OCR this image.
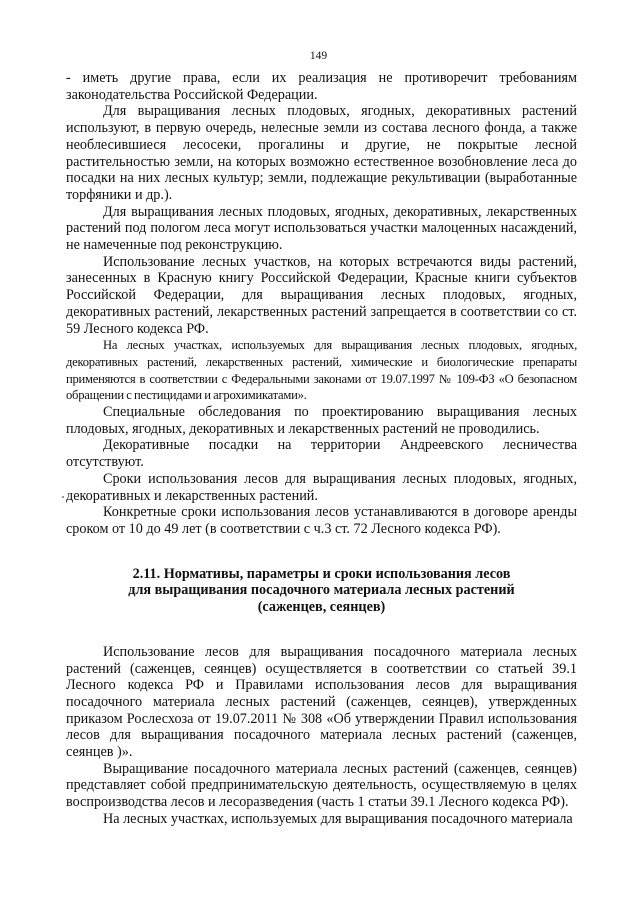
149

- иметь другие права, если их реализация не противоречит требованиям законодательства Российской Федерации.

Для выращивания лесных плодовых, ягодных, декоративных растений используют, в первую очередь, нелесные земли из состава лесного фонда, а также необлесившиеся лесосеки, прогалины и другие, не покрытые лесной растительностью земли, на которых возможно естественное возобновление леса до посадки на них лесных культур; земли, подлежащие рекультивации (выработанные торфяники и др.).

Для выращивания лесных плодовых, ягодных, декоративных, лекарственных растений под пологом леса могут использоваться участки малоценных насаждений, не намеченные под реконструкцию.

Использование лесных участков, на которых встречаются виды растений, занесенных в Красную книгу Российской Федерации, Красные книги субъектов Российской Федерации, для выращивания лесных плодовых, ягодных, декоративных растений, лекарственных растений запрещается в соответствии со ст. 59 Лесного кодекса РФ.

На лесных участках, используемых для выращивания лесных плодовых, ягодных, декоративных растений, лекарственных растений, химические и биологические препараты применяются в соответствии с Федеральными законами от 19.07.1997 № 109-ФЗ «О безопасном обращении с пестицидами и агрохимикатами».

Специальные обследования по проектированию выращивания лесных плодовых, ягодных, декоративных и лекарственных растений не проводились.

Декоративные посадки на территории Андреевского лесничества отсутствуют.

Сроки использования лесов для выращивания лесных плодовых, ягодных, декоративных и лекарственных растений.

Конкретные сроки использования лесов устанавливаются в договоре аренды сроком от 10 до 49 лет (в соответствии с ч.3 ст. 72 Лесного кодекса РФ).

2.11. Нормативы, параметры и сроки использования лесов
для выращивания посадочного материала лесных растений
(саженцев, сеянцев)

Использование лесов для выращивания посадочного материала лесных растений (саженцев, сеянцев) осуществляется в соответствии со статьей 39.1 Лесного кодекса РФ и Правилами использования лесов для выращивания посадочного материала лесных растений (саженцев, сеянцев), утвержденных приказом Рослесхоза от 19.07.2011 № 308 «Об утверждении Правил использования лесов для выращивания посадочного материала лесных растений (саженцев, сеянцев )».

Выращивание посадочного материала лесных растений (саженцев, сеянцев) представляет собой предпринимательскую деятельность, осуществляемую в целях воспроизводства лесов и лесоразведения (часть 1 статьи 39.1 Лесного кодекса РФ).

На лесных участках, используемых для выращивания посадочного материала
